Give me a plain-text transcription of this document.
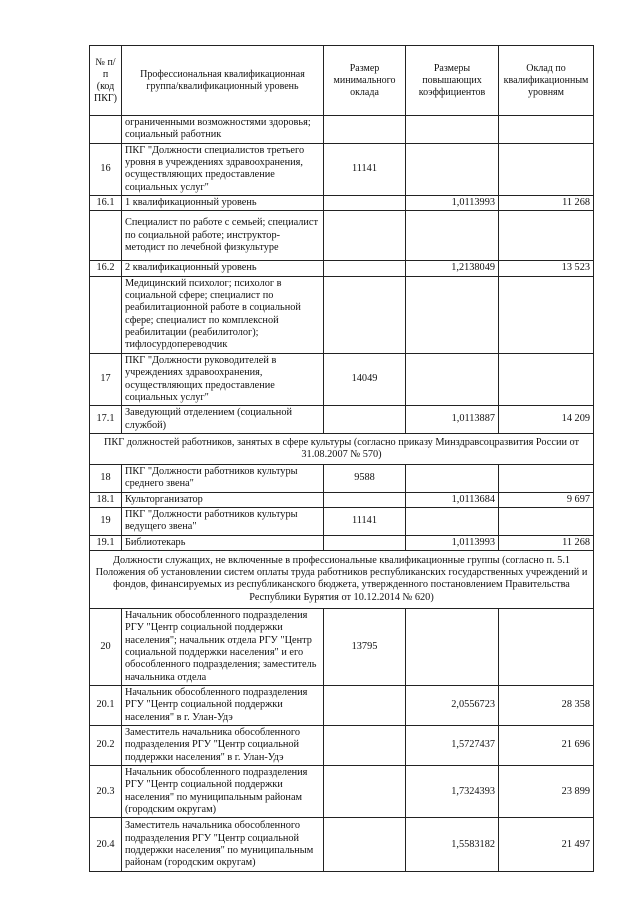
№ п/п (код ПКГ)	Профессиональная квалификационная группа/квалификационный уровень	Размер минимального оклада	Размеры повышающих коэффициентов	Оклад по квалификационным уровням
	ограниченными возможностями здоровья; социальный работник			
16	ПКГ "Должности специалистов третьего уровня в учреждениях здравоохранения, осуществляющих предоставление социальных услуг"	11141		
16.1	1 квалификационный уровень		1,0113993	11 268
	Специалист по работе с семьей; специалист по социальной работе; инструктор-методист по лечебной физкультуре			
16.2	2 квалификационный уровень		1,2138049	13 523
	Медицинский психолог; психолог в социальной сфере; специалист по реабилитационной работе в социальной сфере; специалист по комплексной реабилитации (реабилитолог); тифлосурдопереводчик			
17	ПКГ "Должности руководителей в учреждениях здравоохранения, осуществляющих предоставление социальных услуг"	14049		
17.1	Заведующий отделением (социальной службой)		1,0113887	14 209
ПКГ должностей работников, занятых в сфере культуры (согласно приказу Минздравсоцразвития России от 31.08.2007 № 570)				
18	ПКГ "Должности работников культуры среднего звена"	9588		
18.1	Культорганизатор		1,0113684	9 697
19	ПКГ "Должности работников культуры ведущего звена"	11141		
19.1	Библиотекарь		1,0113993	11 268
Должности служащих, не включенные в профессиональные квалификационные группы (согласно п. 5.1 Положения об установлении систем оплаты труда работников республиканских государственных учреждений и фондов, финансируемых из республиканского бюджета, утвержденного постановлением Правительства Республики Бурятия от 10.12.2014 № 620)				
20	Начальник обособленного подразделения РГУ "Центр социальной поддержки населения"; начальник отдела РГУ "Центр социальной поддержки населения" и его обособленного подразделения; заместитель начальника отдела	13795		
20.1	Начальник обособленного подразделения РГУ "Центр социальной поддержки населения" в г. Улан-Удэ		2,0556723	28 358
20.2	Заместитель начальника обособленного подразделения РГУ "Центр социальной поддержки населения" в г. Улан-Удэ		1,5727437	21 696
20.3	Начальник обособленного подразделения РГУ "Центр социальной поддержки населения" по муниципальным районам (городским округам)		1,7324393	23 899
20.4	Заместитель начальника обособленного подразделения РГУ "Центр социальной поддержки населения" по муниципальным районам (городским округам)		1,5583182	21 497
